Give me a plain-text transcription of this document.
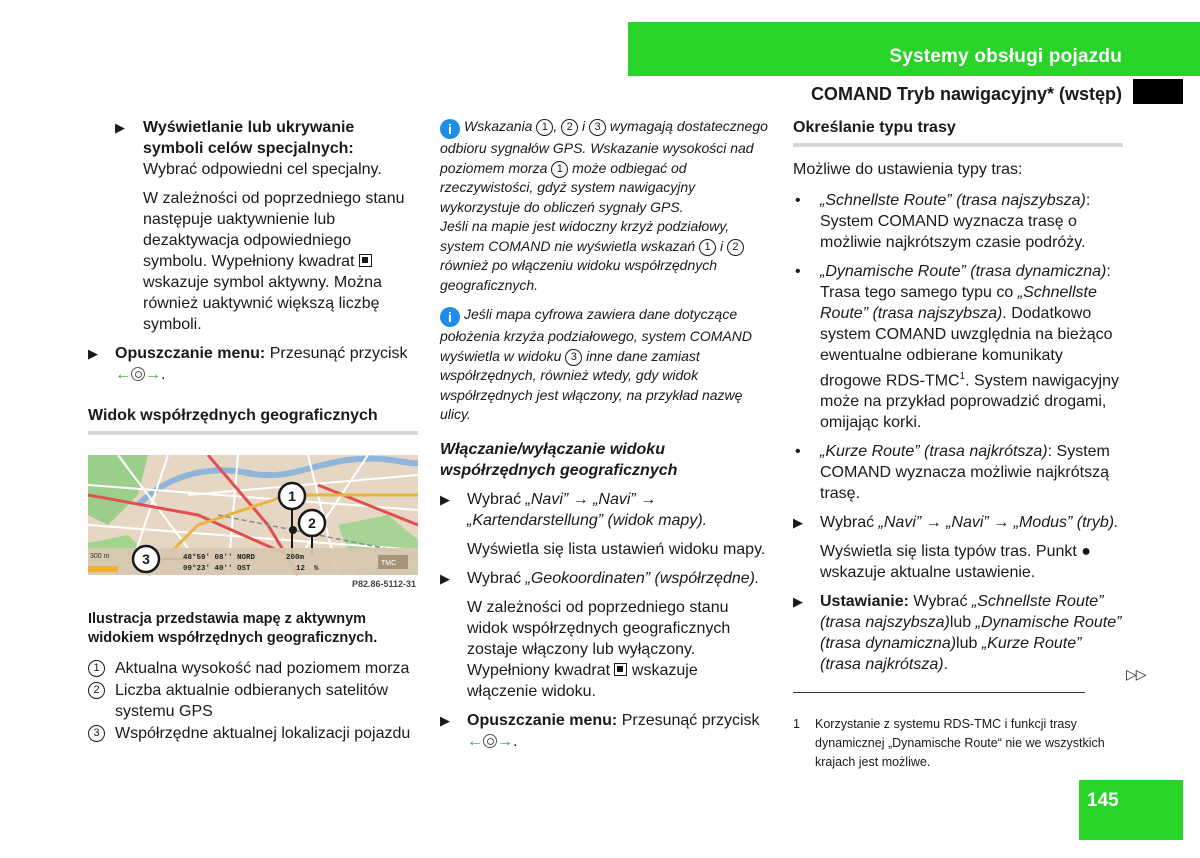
Systemy obsługi pojazdu
COMAND Tryb nawigacyjny* (wstęp)
▶ Wyświetlanie lub ukrywanie symboli celów specjalnych:
Wybrać odpowiedni cel specjalny.
W zależności od poprzedniego stanu następuje uaktywnienie lub dezaktywacja odpowiedniego symbolu. Wypełniony kwadrat  wskazuje symbol aktywny. Można również uaktywnić większą liczbę symboli.
▶ Opuszczanie menu: Przesunąć przycisk ← →.
Widok współrzędnych geograficznych
300 m	48°59' 08'' NORD
09°23' 40'' OST
200m
12 %
TMC
1
2
3
P82.86-5112-31
Ilustracja przedstawia mapę z aktywnym widokiem współrzędnych geograficznych.
1 Aktualna wysokość nad poziomem morza
2 Liczba aktualnie odbieranych satelitów systemu GPS
3 Współrzędne aktualnej lokalizacji pojazdu
i Wskazania 1 , 2 i 3 wymagają dostatecznego odbioru sygnałów GPS. Wskazanie wysokości nad poziomem morza 1 może odbiegać od rzeczywistości, gdyż system nawigacyjny wykorzystuje do obliczeń sygnały GPS.
Jeśli na mapie jest widoczny krzyż podziałowy, system COMAND nie wyświetla wskazań 1 i 2 również po włączeniu widoku współrzędnych geograficznych.
i Jeśli mapa cyfrowa zawiera dane dotyczące położenia krzyża podziałowego, system COMAND wyświetla w widoku 3 inne dane zamiast współrzędnych, również wtedy, gdy widok współrzędnych jest włączony, na przykład nazwę ulicy.
Włączanie/wyłączanie widoku współrzędnych geograficznych
▶ Wybrać „Navi” → „Navi” → „Kartendarstellung” (widok mapy).
Wyświetla się lista ustawień widoku mapy.
▶ Wybrać „Geokoordinaten” (współrzędne).
W zależności od poprzedniego stanu widok współrzędnych geograficznych zostaje włączony lub wyłączony. Wypełniony kwadrat  wskazuje włączenie widoku.
▶ Opuszczanie menu: Przesunąć przycisk ← →.
Określanie typu trasy
Możliwe do ustawienia typy tras:
• „Schnellste Route” (trasa najszybsza): System COMAND wyznacza trasę o możliwie najkrótszym czasie podróży.
• „Dynamische Route” (trasa dynamiczna): Trasa tego samego typu co „Schnellste Route” (trasa najszybsza). Dodatkowo system COMAND uwzględnia na bieżąco ewentualne odbierane komunikaty drogowe RDS-TMC$^1$. System nawigacyjny może na przykład poprowadzić drogami, omijając korki.
• „Kurze Route” (trasa najkrótsza): System COMAND wyznacza możliwie najkrótszą trasę.
▶ Wybrać „Navi” → „Navi” → „Modus” (tryb).
Wyświetla się lista typów tras. Punkt ● wskazuje aktualne ustawienie.
▶ Ustawianie: Wybrać „Schnellste Route” (trasa najszybsza)lub „Dynamische Route” (trasa dynamiczna)lub „Kurze Route” (trasa najkrótsza).
▷▷
1 Korzystanie z systemu RDS-TMC i funkcji trasy dynamicznej „Dynamische Route“ nie we wszystkich krajach jest możliwe.
145
